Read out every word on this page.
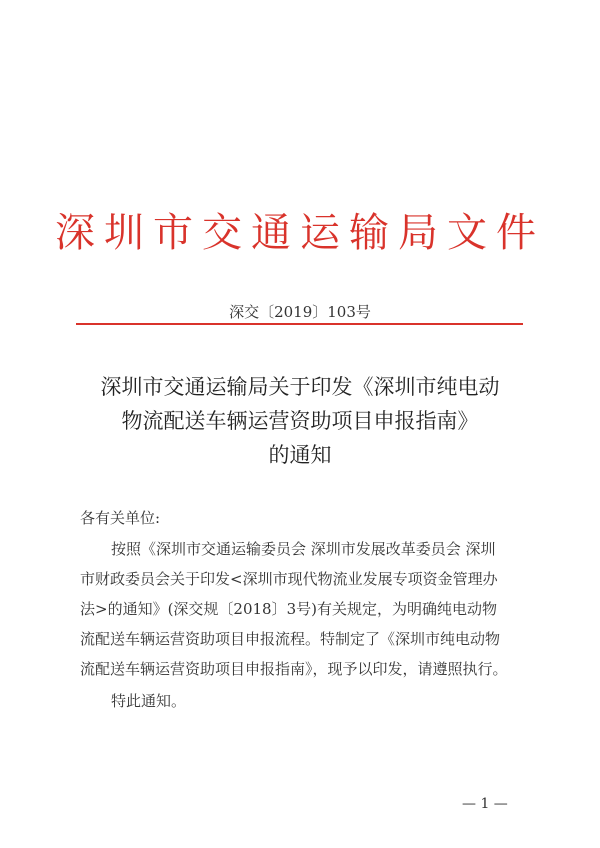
深圳市交通运输局文件
深交〔2019〕103号
深圳市交通运输局关于印发《深圳市纯电动
物流配送车辆运营资助项目申报指南》
的通知
各有关单位:
按照《深圳市交通运输委员会 深圳市发展改革委员会 深圳
市财政委员会关于印发<深圳市现代物流业发展专项资金管理办
法>的通知》(深交规〔2018〕3号)有关规定，为明确纯电动物
流配送车辆运营资助项目申报流程。特制定了《深圳市纯电动物
流配送车辆运营资助项目申报指南》，现予以印发，请遵照执行。
特此通知。
— 1 —
